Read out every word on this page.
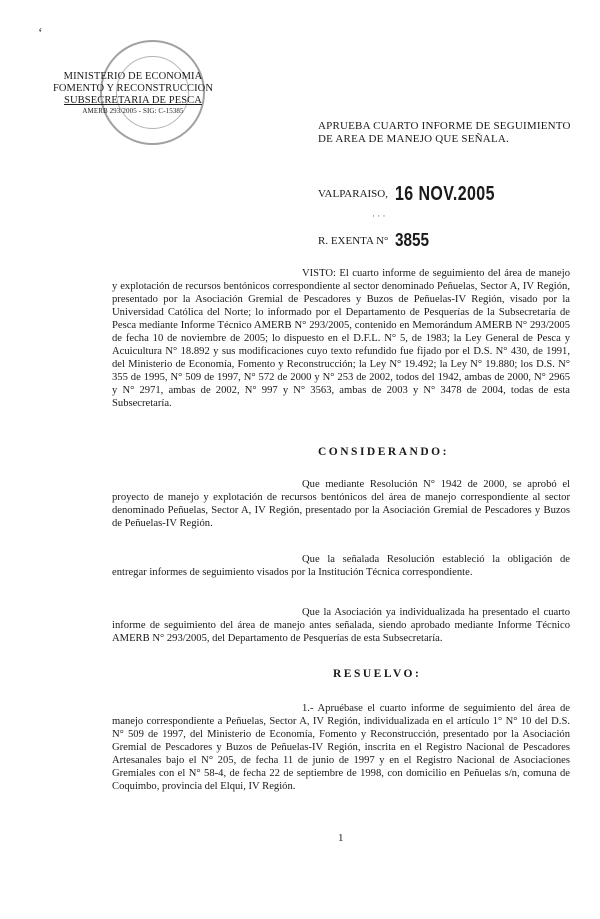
‘
MINISTERIO DE ECONOMIA
FOMENTO Y RECONSTRUCCION
SUBSECRETARIA DE PESCA
AMERB 293/2005 - SIG: C-15385
APRUEBA CUARTO INFORME DE SEGUIMIENTO DE AREA DE MANEJO QUE SEÑALA.
VALPARAISO, 16 NOV.2005
· · ·
R. EXENTA N° 3855
VISTO: El cuarto informe de seguimiento del área de manejo y explotación de recursos bentónicos correspondiente al sector denominado Peñuelas, Sector A, IV Región, presentado por la Asociación Gremial de Pescadores y Buzos de Peñuelas-IV Región, visado por la Universidad Católica del Norte; lo informado por el Departamento de Pesquerías de la Subsecretaría de Pesca mediante Informe Técnico AMERB N° 293/2005, contenido en Memorándum AMERB N° 293/2005 de fecha 10 de noviembre de 2005; lo dispuesto en el D.F.L. N° 5, de 1983; la Ley General de Pesca y Acuicultura N° 18.892 y sus modificaciones cuyo texto refundido fue fijado por el D.S. N° 430, de 1991, del Ministerio de Economía, Fomento y Reconstrucción; la Ley N° 19.492; la Ley N° 19.880; los D.S. N° 355 de 1995, N° 509 de 1997, N° 572 de 2000 y N° 253 de 2002, todos del 1942, ambas de 2000, N° 2965 y N° 2971, ambas de 2002, N° 997 y N° 3563, ambas de 2003 y N° 3478 de 2004, todas de esta Subsecretaría.
CONSIDERANDO:
Que mediante Resolución N° 1942 de 2000, se aprobó el proyecto de manejo y explotación de recursos bentónicos del área de manejo correspondiente al sector denominado Peñuelas, Sector A, IV Región, presentado por la Asociación Gremial de Pescadores y Buzos de Peñuelas-IV Región.
Que la señalada Resolución estableció la obligación de entregar informes de seguimiento visados por la Institución Técnica correspondiente.
Que la Asociación ya individualizada ha presentado el cuarto informe de seguimiento del área de manejo antes señalada, siendo aprobado mediante Informe Técnico AMERB N° 293/2005, del Departamento de Pesquerías de esta Subsecretaría.
RESUELVO:
1.- Apruébase el cuarto informe de seguimiento del área de manejo correspondiente a Peñuelas, Sector A, IV Región, individualizada en el artículo 1° N° 10 del D.S. N° 509 de 1997, del Ministerio de Economía, Fomento y Reconstrucción, presentado por la Asociación Gremial de Pescadores y Buzos de Peñuelas-IV Región, inscrita en el Registro Nacional de Pescadores Artesanales bajo el N° 205, de fecha 11 de junio de 1997 y en el Registro Nacional de Asociaciones Gremiales con el N° 58-4, de fecha 22 de septiembre de 1998, con domicilio en Peñuelas s/n, comuna de Coquimbo, provincia del Elqui, IV Región.
1
